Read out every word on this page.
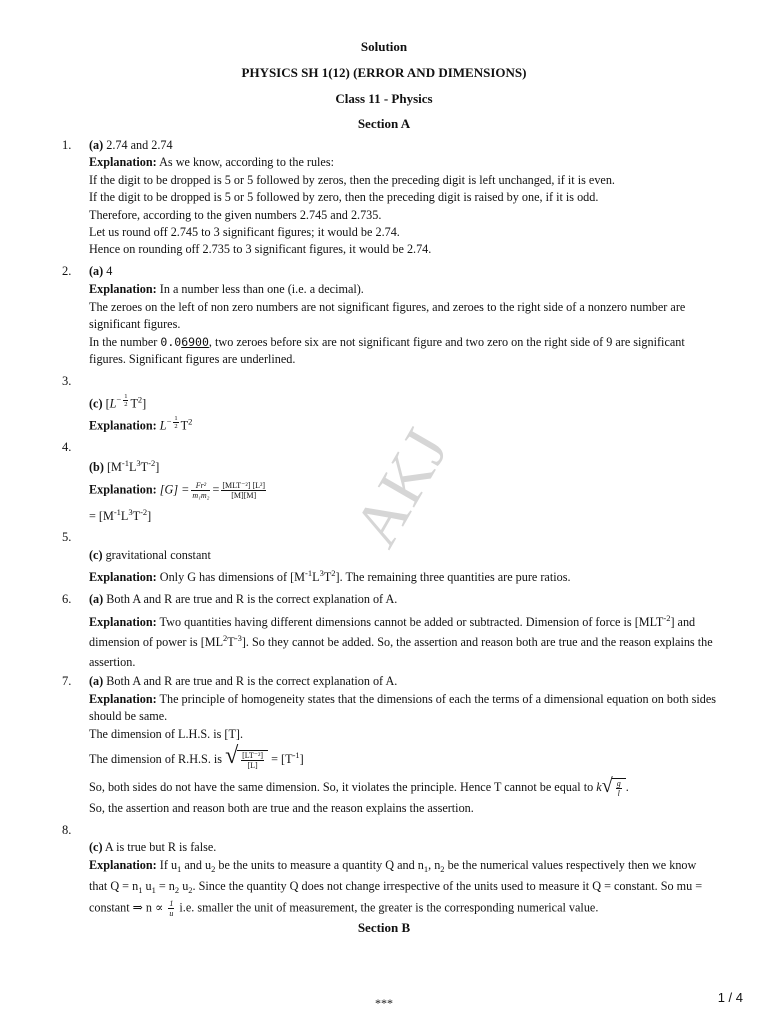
Solution
PHYSICS SH 1(12) (ERROR AND DIMENSIONS)
Class 11 - Physics
Section A
AKJ
1. (a) 2.74 and 2.74
Explanation: As we know, according to the rules:
If the digit to be dropped is 5 or 5 followed by zeros, then the preceding digit is left unchanged, if it is even.
If the digit to be dropped is 5 or 5 followed by zero, then the preceding digit is raised by one, if it is odd.
Therefore, according to the given numbers 2.745 and 2.735.
Let us round off 2.745 to 3 significant figures; it would be 2.74.
Hence on rounding off 2.735 to 3 significant figures, it would be 2.74.
2. (a) 4
Explanation: In a number less than one (i.e. a decimal).
The zeroes on the left of non zero numbers are not significant figures, and zeroes to the right side of a nonzero number are significant figures.
In the number 0.06900, two zeroes before six are not significant figure and two zero on the right side of 9 are significant figures. Significant figures are underlined.
3.
(c) [$L^{- \frac{1}{2}}$ $T^2$]
Explanation: $L^{- \frac{1}{2}}$ $T^2$
4.
(b) $[M^{-1}L^3T^{-2}]$
Explanation: $[G] = \frac{\text{Fr²}}{\text{m₁m₂}} = \frac{\text{[MLT⁻²] [L²]}}{[M][M]}$
= $[M^{-1}L^3T^{-2}]$
5.
(c) gravitational constant
Explanation: Only G has dimensions of $[M^{-1}L^3T^2]$. The remaining three quantities are pure ratios.
6. (a) Both A and R are true and R is the correct explanation of A.
Explanation: Two quantities having different dimensions cannot be added or subtracted. Dimension of force is $[MLT^{-2}]$ and dimension of power is $[ML^2T^{-3}]$. So they cannot be added. So, the assertion and reason both are true and the reason explains the assertion.
7. (a) Both A and R are true and R is the correct explanation of A.
Explanation: The principle of homogeneity states that the dimensions of each the terms of a dimensional equation on both sides should be same.
The dimension of L.H.S. is [T].
The dimension of R.H.S. is √ $\frac{\text{[LT⁻²]}}{[L]} = [T^{-1}]$
So, both sides do not have the same dimension. So, it violates the principle. Hence T cannot be equal to k √ $\frac{g}{l}$ .
So, the assertion and reason both are true and the reason explains the assertion.
8.
(c) A is true but R is false.
Explanation: If $u_1$ and $u_2$ be the units to measure a quantity Q and $n_1$, $n_2$ be the numerical values respectively then we know
that $Q = n_1$ $u_1 = n_2$ $u_2$. Since the quantity Q does not change irrespective of the units used to measure it Q = constant. So mu =
constant ⇒ $n \propto \frac{1}{u} i.e$. smaller the unit of measurement, the greater is the corresponding numerical value.
Section B
***	1 / 4
